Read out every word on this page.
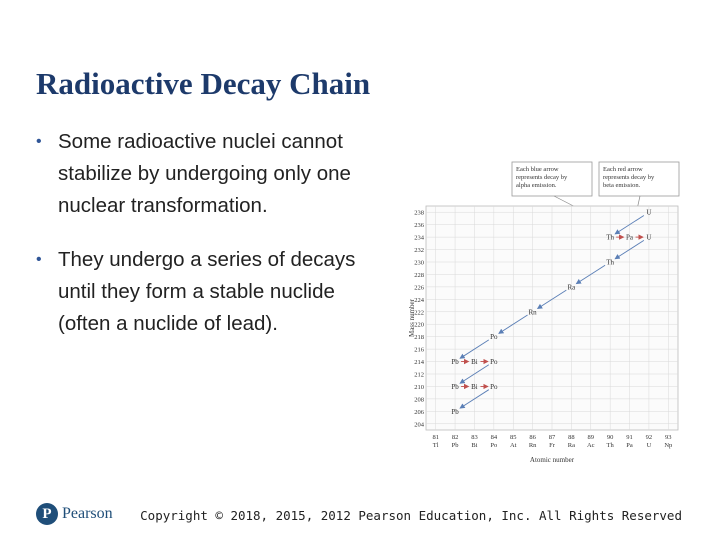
Radioactive Decay Chain
• Some radioactive nuclei cannot stabilize by undergoing only one nuclear transformation.
• They undergo a series of decays until they form a stable nuclide (often a nuclide of lead).
Each blue arrow represents decay by alpha emission.
Each red arrow represents decay by beta emission.
238
236
234
232
230
228
226
224
222
220
218
216
214
212
210
208
206
204
81
Tl
82
Pb
83
Bi
84
Po
85
At
86
Rn
87
Fr
88
Ra
89
Ac
90
Th
91
Pa
92
U
93
Np
U
Th Pa U
Th
Ra
Rn
Po
Pb Bi Po
Pb Bi Po
Pb
Mass number
Atomic number
P Pearson Copyright © 2018, 2015, 2012 Pearson Education, Inc. All Rights Reserved
